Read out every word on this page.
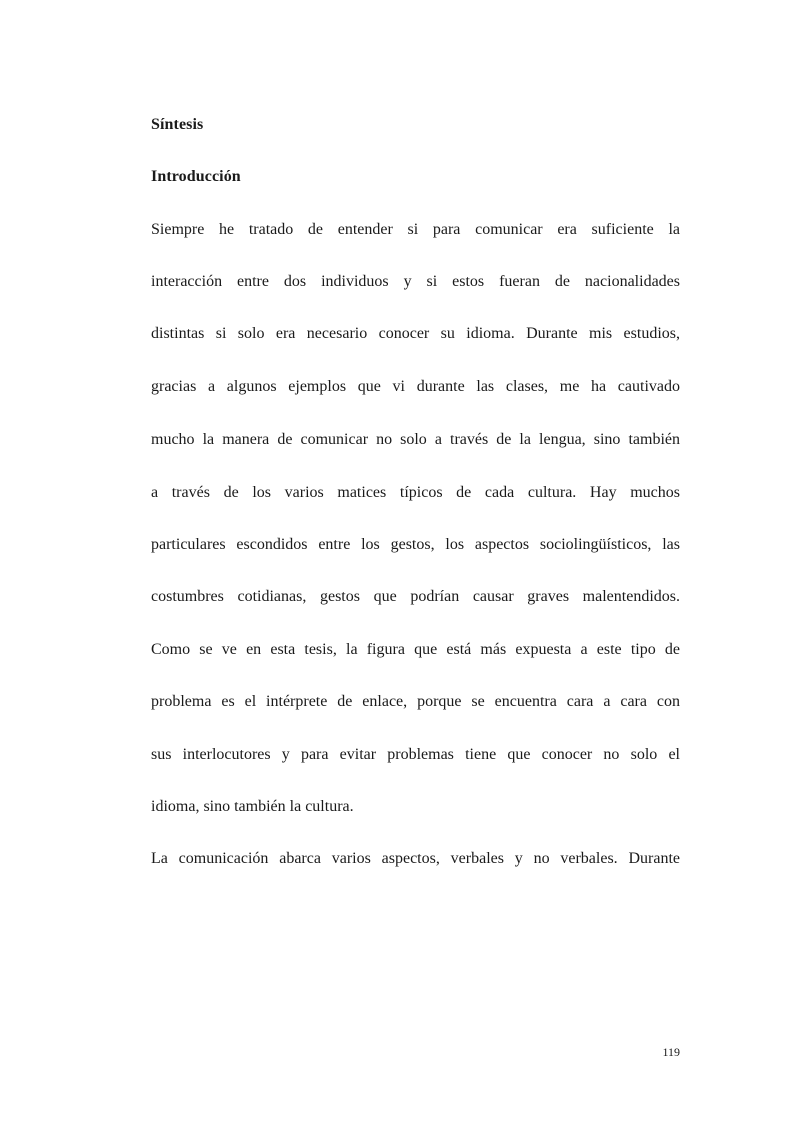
Síntesis
Introducción
Siempre he tratado de entender si para comunicar era suficiente la
interacción entre dos individuos y si estos fueran de nacionalidades
distintas si solo era necesario conocer su idioma. Durante mis estudios,
gracias a algunos ejemplos que vi durante las clases, me ha cautivado
mucho la manera de comunicar no solo a través de la lengua, sino también
a través de los varios matices típicos de cada cultura. Hay muchos
particulares escondidos entre los gestos, los aspectos sociolingüísticos, las
costumbres cotidianas, gestos que podrían causar graves malentendidos.
Como se ve en esta tesis, la figura que está más expuesta a este tipo de
problema es el intérprete de enlace, porque se encuentra cara a cara con
sus interlocutores y para evitar problemas tiene que conocer no solo el
idioma, sino también la cultura.
La comunicación abarca varios aspectos, verbales y no verbales. Durante
119
